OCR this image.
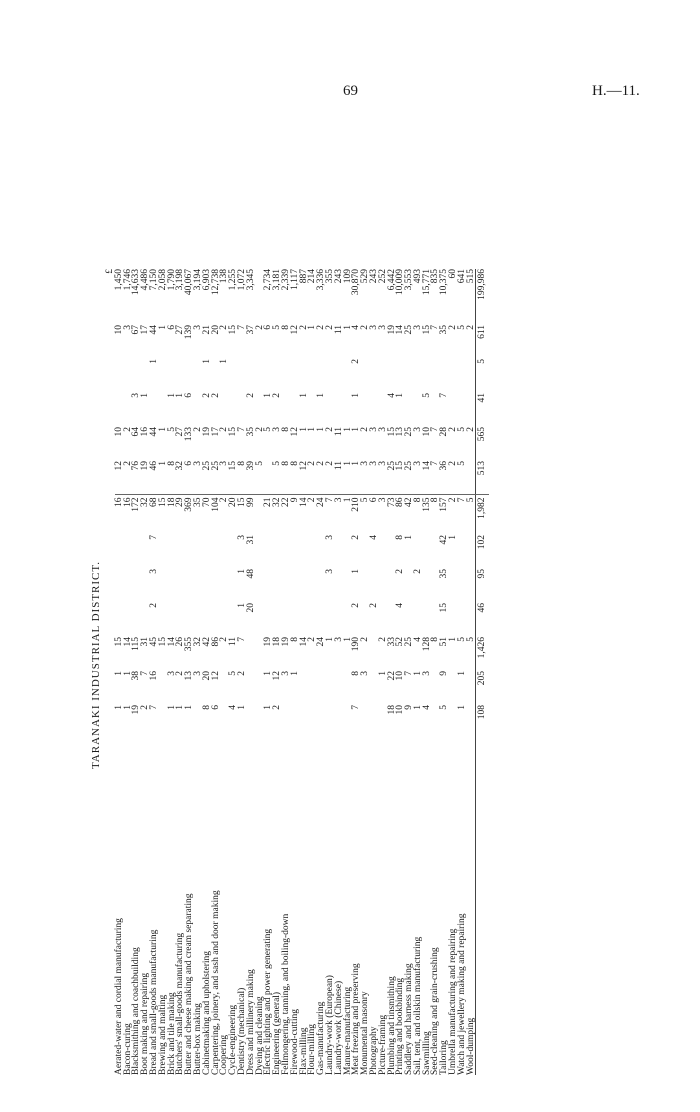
69	H.—11.
TARANAKI INDUSTRIAL DISTRICT.
													£
Aerated-water and cordial manufacturing	1	1	15				16	12	10			10	1,450
Bacon-curing	1	1	14				16	2	2			3	1,746
Blacksmithing and coachbuilding	19	38	115				172	76	64	3		67	14,633
Boot making and repairing	2	7	31				32	19	16	1		17	4,486
Bread and small-goods manufacturing	7	16	45	2	3	7	68	46	44		1	44	7,150
Brewing and malting			15				15	1	1			1	2,058
Brick and tile making	1	3	14				18	8	5	1		6	1,790
Butchers' small-goods manufacturing	1	2	26				29	32	27	1		27	3,198
Butter and cheese making and cream separating	1	13	355				369	6	133	6		139	40,067
Butter-box making		3	32				35	3	2			3	3,194
Cabinetmaking and upholstering	8	20	42				70	25	19	2	1	21	6,903
Carpentering, joinery, and sash and door making	6	12	86				104	25	17	2		20	12,738
Coopering			2				2	3	2		1	2	138
Cycle-engineering	4	5	11				20	15	15			15	1,255
Dentistry (mechanical)	1	2	7	1	1	3	15	8	7			7	1,072
Dress and millinery making				20	48	31	99	39	35	2		37	3,345
Dyeing and cleaning								5	2			2	
Electric lighting and power generating	1	1	19				21		5	1		6	2,734
Engineering (general)	2	12	18				32	5	3	2		5	3,181
Fellmongering, tanning, and boiling-down		3	19				22	8	8			8	2,339
Firewood-cutting		1	8				9	8	12			12	1,117
Flax-milling			14				14	12	1	1		2	887
Flour-milling			2				2	2	1			1	214
Gas-manufacturing			24				24	2	1	1		2	3,336
Laundry-work (European)			1		3	3	7	2	2			2	355
Laundry-work (Chinese)			3				3	11	11			11	243
Manure-manufacturing			1				1	1	1			1	109
Meat freezing and preserving	7	8	190	2	1	2	210	1	1	1	2	4	30,870
Monumental masonry		3	2				5	3	2			2	529
Photography				2		4	6	3	3			3	243
Picture-framing		1	2				3	3	3			3	252
Plumbing and tinsmithing	18	22	33				73	25	15	4		19	6,442
Printing and bookbinding	10	10	52	4	2	8	86	15	13	1		14	10,009
Saddlery and harness making	9	7	25			1	42	25	25			25	3,553
Sail, tent, and oilskin manufacturing	1	1	4		2		8	3	3			3	493
Sawmilling	4	3	128				135	14	10	5		15	15,771
Seed-cleaning and grain-crushing			8				8	7	7			7	835
Tailoring	5	9	51	15	35	42	157	36	28	7		35	10,375
Umbrella manufacturing and repairing			1			1	2	2	2			2	60
Watch and jewellery making and repairing	1	1	5				7	5	5			5	641
Wool-dumping			5				5		2			2	515
	108	205	1,426	46	95	102	1,982	513	565	41	5	611	199,986
